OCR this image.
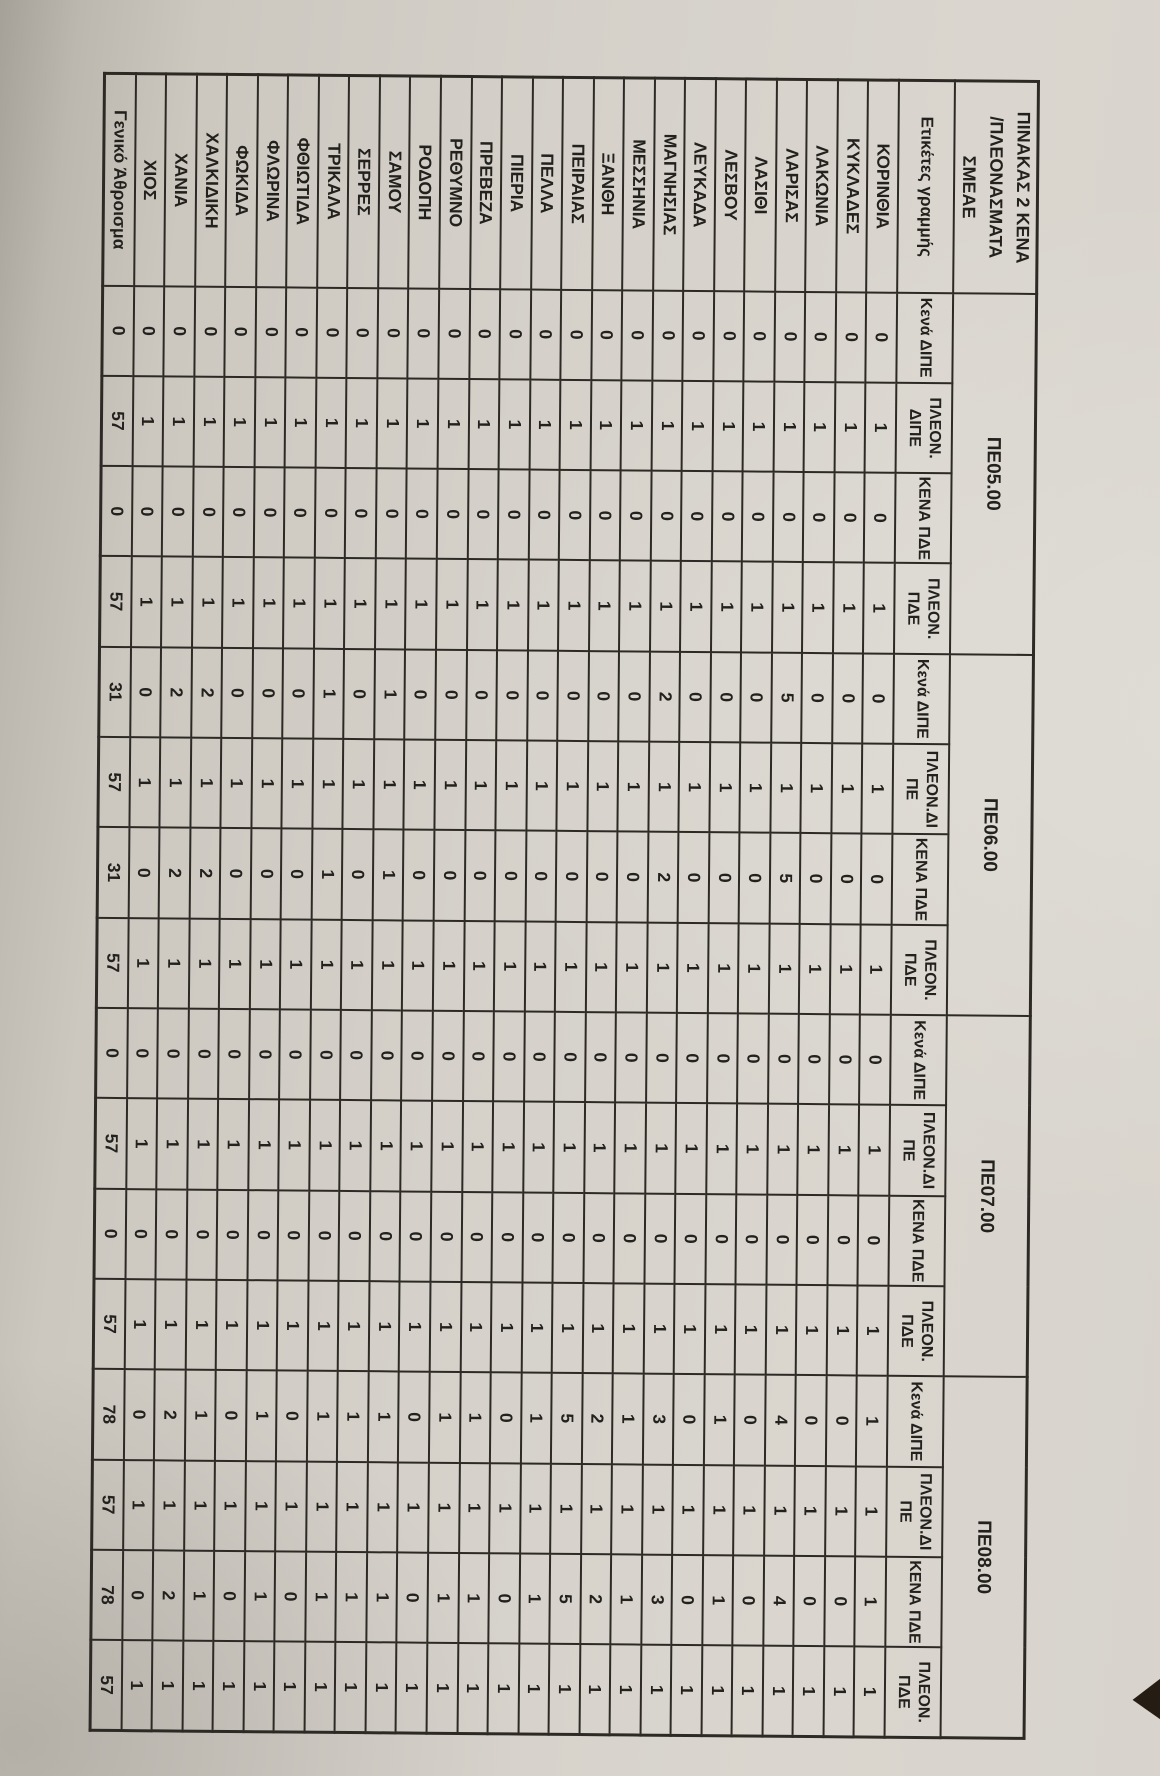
ΠΙΝΑΚΑΣ 2 ΚΕΝΑ
/ΠΛΕΟΝΑΣΜΑΤΑ ΣΜΕΑΕ	ΠΕ05.00				ΠΕ06.00				ΠΕ07.00				ΠΕ08.00			
Ετικέτες γραμμής	Κενά ΔΙΠΕ	ΠΛΕΟΝ.
ΔΙΠΕ	ΚΕΝΑ ΠΔΕ	ΠΛΕΟΝ.
ΠΔΕ	Κενά ΔΙΠΕ	ΠΛΕΟΝ.ΔΙ
ΠΕ	ΚΕΝΑ ΠΔΕ	ΠΛΕΟΝ.
ΠΔΕ	Κενά ΔΙΠΕ	ΠΛΕΟΝ.ΔΙ
ΠΕ	ΚΕΝΑ ΠΔΕ	ΠΛΕΟΝ.
ΠΔΕ	Κενά ΔΙΠΕ	ΠΛΕΟΝ.ΔΙ
ΠΕ	ΚΕΝΑ ΠΔΕ	ΠΛΕΟΝ.
ΠΔΕ
ΚΟΡΙΝΘΙΑ	0	1	0	1	0	1	0	1	0	1	0	1	1	1	1	1
ΚΥΚΛΑΔΕΣ	0	1	0	1	0	1	0	1	0	1	0	1	0	1	0	1
ΛΑΚΩΝΙΑ	0	1	0	1	0	1	0	1	0	1	0	1	0	1	0	1
ΛΑΡΙΣΑΣ	0	1	0	1	5	1	5	1	0	1	0	1	4	1	4	1
ΛΑΣΙΘΙ	0	1	0	1	0	1	0	1	0	1	0	1	0	1	0	1
ΛΕΣΒΟΥ	0	1	0	1	0	1	0	1	0	1	0	1	1	1	1	1
ΛΕΥΚΑΔΑ	0	1	0	1	0	1	0	1	0	1	0	1	0	1	0	1
ΜΑΓΝΗΣΙΑΣ	0	1	0	1	2	1	2	1	0	1	0	1	3	1	3	1
ΜΕΣΣΗΝΙΑ	0	1	0	1	0	1	0	1	0	1	0	1	1	1	1	1
ΞΑΝΘΗ	0	1	0	1	0	1	0	1	0	1	0	1	2	1	2	1
ΠΕΙΡΑΙΑΣ	0	1	0	1	0	1	0	1	0	1	0	1	5	1	5	1
ΠΕΛΛΑ	0	1	0	1	0	1	0	1	0	1	0	1	1	1	1	1
ΠΙΕΡΙΑ	0	1	0	1	0	1	0	1	0	1	0	1	0	1	0	1
ΠΡΕΒΕΖΑ	0	1	0	1	0	1	0	1	0	1	0	1	1	1	1	1
ΡΕΘΥΜΝΟ	0	1	0	1	0	1	0	1	0	1	0	1	1	1	1	1
ΡΟΔΟΠΗ	0	1	0	1	0	1	0	1	0	1	0	1	0	1	0	1
ΣΑΜΟΥ	0	1	0	1	1	1	1	1	0	1	0	1	1	1	1	1
ΣΕΡΡΕΣ	0	1	0	1	0	1	0	1	0	1	0	1	1	1	1	1
ΤΡΙΚΑΛΑ	0	1	0	1	1	1	1	1	0	1	0	1	1	1	1	1
ΦΘΙΩΤΙΔΑ	0	1	0	1	0	1	0	1	0	1	0	1	0	1	0	1
ΦΛΩΡΙΝΑ	0	1	0	1	0	1	0	1	0	1	0	1	1	1	1	1
ΦΩΚΙΔΑ	0	1	0	1	0	1	0	1	0	1	0	1	0	1	0	1
ΧΑΛΚΙΔΙΚΗ	0	1	0	1	2	1	2	1	0	1	0	1	1	1	1	1
ΧΑΝΙΑ	0	1	0	1	2	1	2	1	0	1	0	1	2	1	2	1
ΧΙΟΣ	0	1	0	1	0	1	0	1	0	1	0	1	0	1	0	1
Γενικό Άθροισμα	0	57	0	57	31	57	31	57	0	57	0	57	78	57	78	57
